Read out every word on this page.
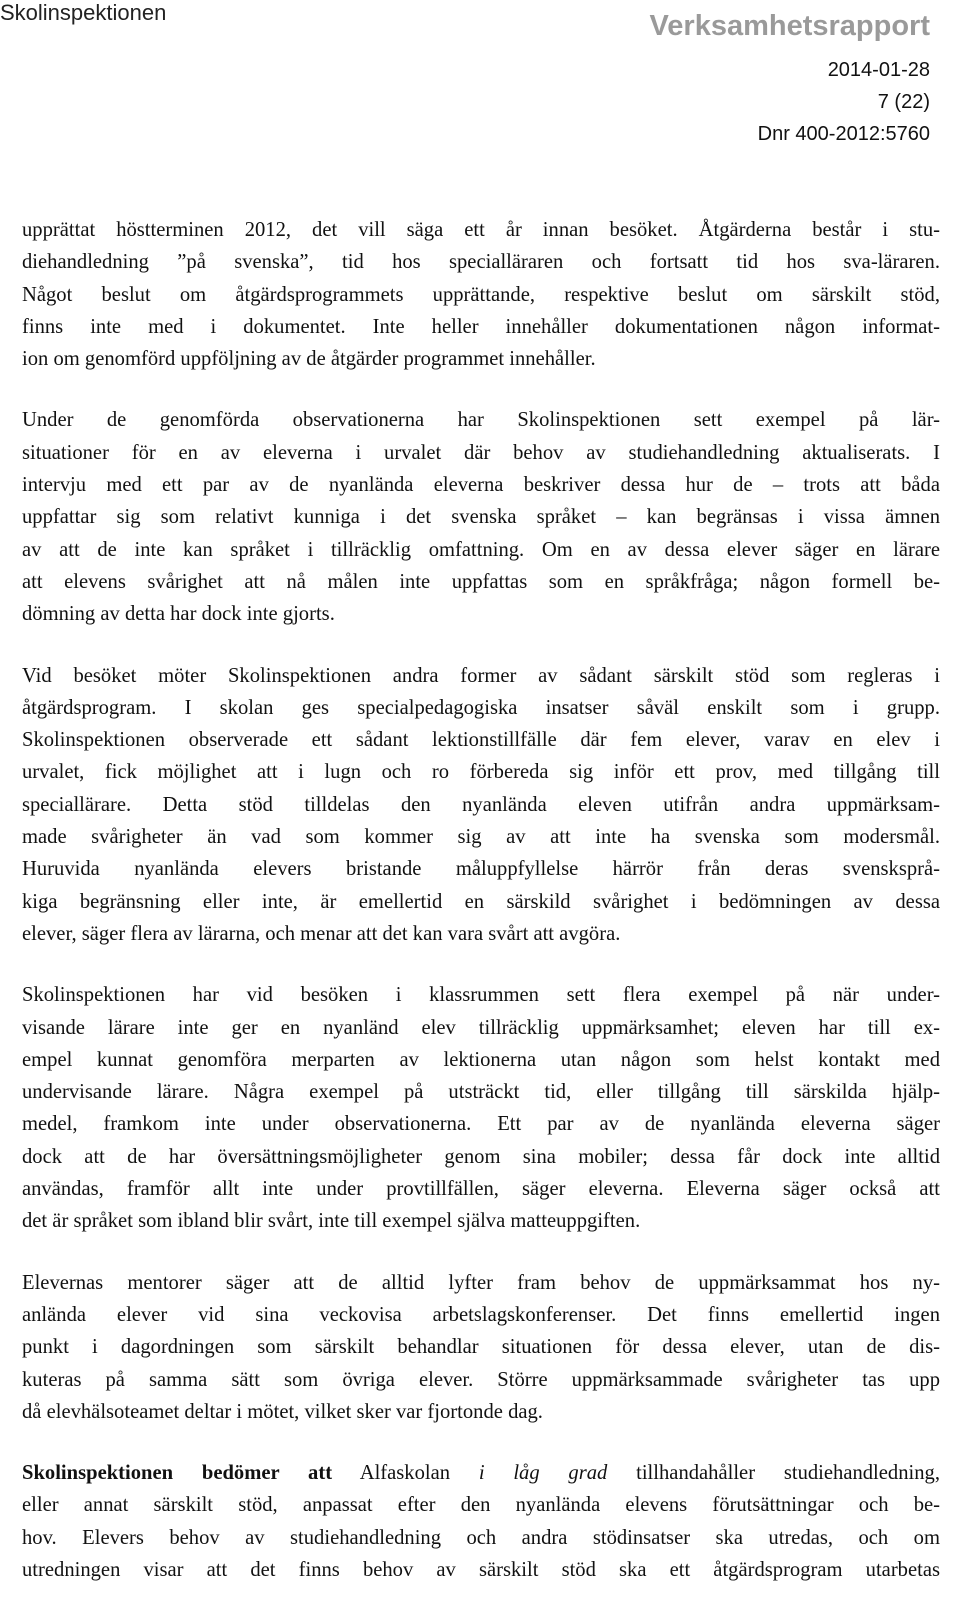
Skolinspektionen	Verksamhetsrapport
2014-01-28
7 (22)
Dnr 400-2012:5760
upprättat höstterminen 2012, det vill säga ett år innan besöket. Åtgärderna består i stu-
diehandledning ”på svenska”, tid hos specialläraren och fortsatt tid hos sva-läraren.
Något beslut om åtgärdsprogrammets upprättande, respektive beslut om särskilt stöd,
finns inte med i dokumentet. Inte heller innehåller dokumentationen någon informat-
ion om genomförd uppföljning av de åtgärder programmet innehåller.
Under de genomförda observationerna har Skolinspektionen sett exempel på lär-
situationer för en av eleverna i urvalet där behov av studiehandledning aktualiserats. I
intervju med ett par av de nyanlända eleverna beskriver dessa hur de – trots att båda
uppfattar sig som relativt kunniga i det svenska språket – kan begränsas i vissa ämnen
av att de inte kan språket i tillräcklig omfattning. Om en av dessa elever säger en lärare
att elevens svårighet att nå målen inte uppfattas som en språkfråga; någon formell be-
dömning av detta har dock inte gjorts.
Vid besöket möter Skolinspektionen andra former av sådant särskilt stöd som regleras i
åtgärdsprogram. I skolan ges specialpedagogiska insatser såväl enskilt som i grupp.
Skolinspektionen observerade ett sådant lektionstillfälle där fem elever, varav en elev i
urvalet, fick möjlighet att i lugn och ro förbereda sig inför ett prov, med tillgång till
speciallärare. Detta stöd tilldelas den nyanlända eleven utifrån andra uppmärksam-
made svårigheter än vad som kommer sig av att inte ha svenska som modersmål.
Huruvida nyanlända elevers bristande måluppfyllelse härrör från deras svensksprå-
kiga begränsning eller inte, är emellertid en särskild svårighet i bedömningen av dessa
elever, säger flera av lärarna, och menar att det kan vara svårt att avgöra.
Skolinspektionen har vid besöken i klassrummen sett flera exempel på när under-
visande lärare inte ger en nyanländ elev tillräcklig uppmärksamhet; eleven har till ex-
empel kunnat genomföra merparten av lektionerna utan någon som helst kontakt med
undervisande lärare. Några exempel på utsträckt tid, eller tillgång till särskilda hjälp-
medel, framkom inte under observationerna. Ett par av de nyanlända eleverna säger
dock att de har översättningsmöjligheter genom sina mobiler; dessa får dock inte alltid
användas, framför allt inte under provtillfällen, säger eleverna. Eleverna säger också att
det är språket som ibland blir svårt, inte till exempel själva matteuppgiften.
Elevernas mentorer säger att de alltid lyfter fram behov de uppmärksammat hos ny-
anlända elever vid sina veckovisa arbetslagskonferenser. Det finns emellertid ingen
punkt i dagordningen som särskilt behandlar situationen för dessa elever, utan de dis-
kuteras på samma sätt som övriga elever. Större uppmärksammade svårigheter tas upp
då elevhälsoteamet deltar i mötet, vilket sker var fjortonde dag.
Skolinspektionen bedömer att Alfaskolan i låg grad tillhandahåller studiehandledning,
eller annat särskilt stöd, anpassat efter den nyanlända elevens förutsättningar och be-
hov. Elevers behov av studiehandledning och andra stödinsatser ska utredas, och om
utredningen visar att det finns behov av särskilt stöd ska ett åtgärdsprogram utarbetas
